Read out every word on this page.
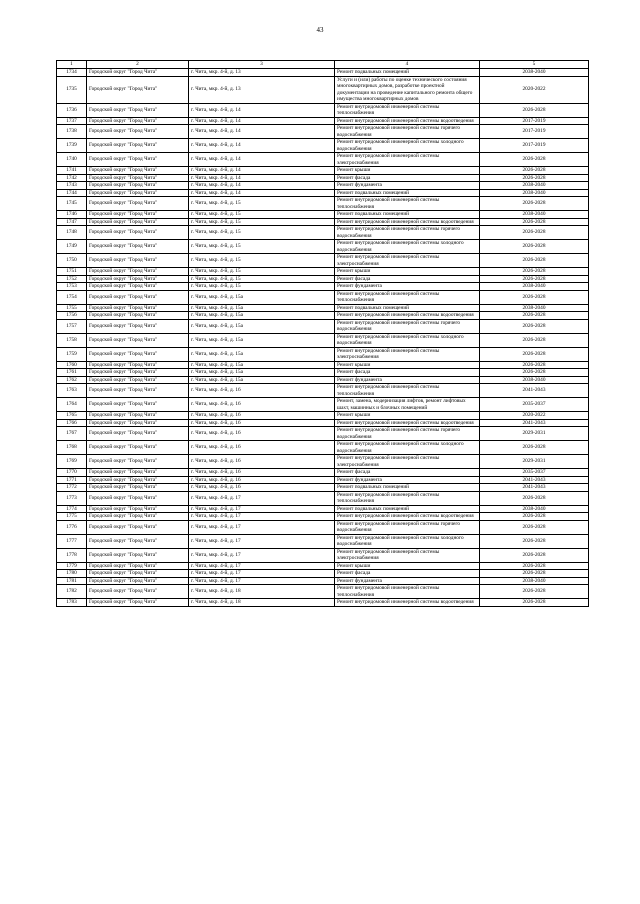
43
1	2	3	4	5
1734	Городской округ "Город Чита"	г. Чита, мкр. 4-й, д. 13	Ремонт подвальных помещений	2038-2040
1735	Городской округ "Город Чита"	г. Чита, мкр. 4-й, д. 13	Услуги и (или) работы по оценке технического состояния многоквартирных домов, разработке проектной документации на проведение капитального ремонта общего имущества многоквартирных домов	2020-2022
1736	Городской округ "Город Чита"	г. Чита, мкр. 4-й, д. 14	Ремонт внутридомовой инженерной системы теплоснабжения	2026-2028
1737	Городской округ "Город Чита"	г. Чита, мкр. 4-й, д. 14	Ремонт внутридомовой инженерной системы водоотведения	2017-2019
1738	Городской округ "Город Чита"	г. Чита, мкр. 4-й, д. 14	Ремонт внутридомовой инженерной системы горячего водоснабжения	2017-2019
1739	Городской округ "Город Чита"	г. Чита, мкр. 4-й, д. 14	Ремонт внутридомовой инженерной системы холодного водоснабжения	2017-2019
1740	Городской округ "Город Чита"	г. Чита, мкр. 4-й, д. 14	Ремонт внутридомовой инженерной системы электроснабжения	2026-2028
1741	Городской округ "Город Чита"	г. Чита, мкр. 4-й, д. 14	Ремонт крыши	2026-2028
1742	Городской округ "Город Чита"	г. Чита, мкр. 4-й, д. 14	Ремонт фасада	2026-2028
1743	Городской округ "Город Чита"	г. Чита, мкр. 4-й, д. 14	Ремонт фундамента	2038-2040
1744	Городской округ "Город Чита"	г. Чита, мкр. 4-й, д. 14	Ремонт подвальных помещений	2038-2040
1745	Городской округ "Город Чита"	г. Чита, мкр. 4-й, д. 15	Ремонт внутридомовой инженерной системы теплоснабжения	2026-2028
1746	Городской округ "Город Чита"	г. Чита, мкр. 4-й, д. 15	Ремонт подвальных помещений	2038-2040
1747	Городской округ "Город Чита"	г. Чита, мкр. 4-й, д. 15	Ремонт внутридомовой инженерной системы водоотведения	2026-2028
1748	Городской округ "Город Чита"	г. Чита, мкр. 4-й, д. 15	Ремонт внутридомовой инженерной системы горячего водоснабжения	2026-2028
1749	Городской округ "Город Чита"	г. Чита, мкр. 4-й, д. 15	Ремонт внутридомовой инженерной системы холодного водоснабжения	2026-2028
1750	Городской округ "Город Чита"	г. Чита, мкр. 4-й, д. 15	Ремонт внутридомовой инженерной системы электроснабжения	2026-2028
1751	Городской округ "Город Чита"	г. Чита, мкр. 4-й, д. 15	Ремонт крыши	2026-2028
1752	Городской округ "Город Чита"	г. Чита, мкр. 4-й, д. 15	Ремонт фасада	2026-2028
1753	Городской округ "Город Чита"	г. Чита, мкр. 4-й, д. 15	Ремонт фундамента	2038-2040
1754	Городской округ "Город Чита"	г. Чита, мкр. 4-й, д. 15а	Ремонт внутридомовой инженерной системы теплоснабжения	2026-2028
1755	Городской округ "Город Чита"	г. Чита, мкр. 4-й, д. 15а	Ремонт подвальных помещений	2038-2040
1756	Городской округ "Город Чита"	г. Чита, мкр. 4-й, д. 15а	Ремонт внутридомовой инженерной системы водоотведения	2026-2028
1757	Городской округ "Город Чита"	г. Чита, мкр. 4-й, д. 15а	Ремонт внутридомовой инженерной системы горячего водоснабжения	2026-2028
1758	Городской округ "Город Чита"	г. Чита, мкр. 4-й, д. 15а	Ремонт внутридомовой инженерной системы холодного водоснабжения	2026-2028
1759	Городской округ "Город Чита"	г. Чита, мкр. 4-й, д. 15а	Ремонт внутридомовой инженерной системы электроснабжения	2026-2028
1760	Городской округ "Город Чита"	г. Чита, мкр. 4-й, д. 15а	Ремонт крыши	2026-2028
1761	Городской округ "Город Чита"	г. Чита, мкр. 4-й, д. 15а	Ремонт фасада	2026-2028
1762	Городской округ "Город Чита"	г. Чита, мкр. 4-й, д. 15а	Ремонт фундамента	2038-2040
1763	Городской округ "Город Чита"	г. Чита, мкр. 4-й, д. 16	Ремонт внутридомовой инженерной системы теплоснабжения	2041-2043
1764	Городской округ "Город Чита"	г. Чита, мкр. 4-й, д. 16	Ремонт, замена, модернизация лифтов, ремонт лифтовых шахт, машинных и блочных помещений	2035-2037
1765	Городской округ "Город Чита"	г. Чита, мкр. 4-й, д. 16	Ремонт крыши	2020-2022
1766	Городской округ "Город Чита"	г. Чита, мкр. 4-й, д. 16	Ремонт внутридомовой инженерной системы водоотведения	2041-2043
1767	Городской округ "Город Чита"	г. Чита, мкр. 4-й, д. 16	Ремонт внутридомовой инженерной системы горячего водоснабжения	2029-2031
1768	Городской округ "Город Чита"	г. Чита, мкр. 4-й, д. 16	Ремонт внутридомовой инженерной системы холодного водоснабжения	2026-2028
1769	Городской округ "Город Чита"	г. Чита, мкр. 4-й, д. 16	Ремонт внутридомовой инженерной системы электроснабжения	2029-2031
1770	Городской округ "Город Чита"	г. Чита, мкр. 4-й, д. 16	Ремонт фасада	2035-2037
1771	Городской округ "Город Чита"	г. Чита, мкр. 4-й, д. 16	Ремонт фундамента	2041-2043
1772	Городской округ "Город Чита"	г. Чита, мкр. 4-й, д. 16	Ремонт подвальных помещений	2041-2043
1773	Городской округ "Город Чита"	г. Чита, мкр. 4-й, д. 17	Ремонт внутридомовой инженерной системы теплоснабжения	2026-2028
1774	Городской округ "Город Чита"	г. Чита, мкр. 4-й, д. 17	Ремонт подвальных помещений	2038-2040
1775	Городской округ "Город Чита"	г. Чита, мкр. 4-й, д. 17	Ремонт внутридомовой инженерной системы водоотведения	2026-2028
1776	Городской округ "Город Чита"	г. Чита, мкр. 4-й, д. 17	Ремонт внутридомовой инженерной системы горячего водоснабжения	2026-2028
1777	Городской округ "Город Чита"	г. Чита, мкр. 4-й, д. 17	Ремонт внутридомовой инженерной системы холодного водоснабжения	2026-2028
1778	Городской округ "Город Чита"	г. Чита, мкр. 4-й, д. 17	Ремонт внутридомовой инженерной системы электроснабжения	2026-2028
1779	Городской округ "Город Чита"	г. Чита, мкр. 4-й, д. 17	Ремонт крыши	2026-2028
1780	Городской округ "Город Чита"	г. Чита, мкр. 4-й, д. 17	Ремонт фасада	2026-2028
1781	Городской округ "Город Чита"	г. Чита, мкр. 4-й, д. 17	Ремонт фундамента	2038-2040
1782	Городской округ "Город Чита"	г. Чита, мкр. 4-й, д. 18	Ремонт внутридомовой инженерной системы теплоснабжения	2026-2028
1783	Городской округ "Город Чита"	г. Чита, мкр. 4-й, д. 18	Ремонт внутридомовой инженерной системы водоотведения	2026-2028
